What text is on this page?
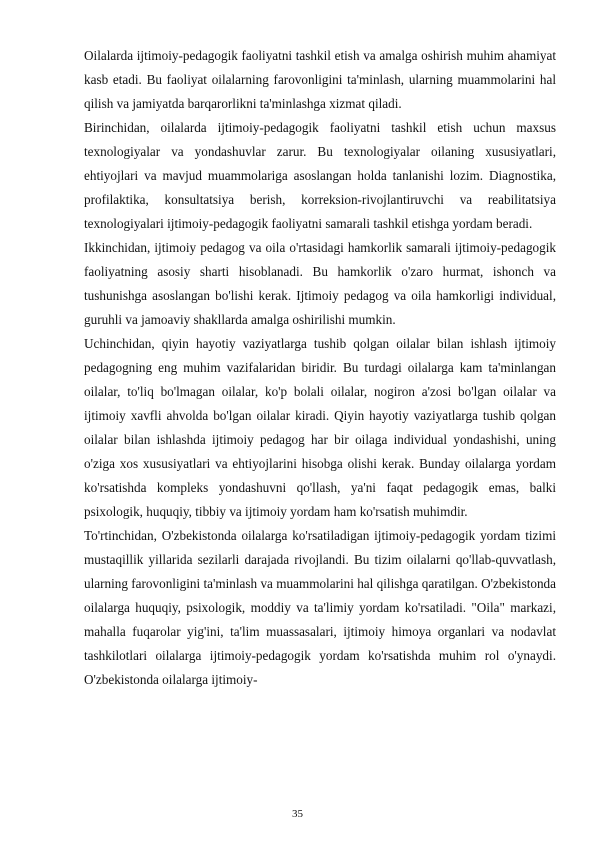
Oilalarda ijtimoiy-pedagogik faoliyatni tashkil etish va amalga oshirish muhim ahamiyat kasb etadi. Bu faoliyat oilalarning farovonligini ta'minlash, ularning muammolarini hal qilish va jamiyatda barqarorlikni ta'minlashga xizmat qiladi.

Birinchidan, oilalarda ijtimoiy-pedagogik faoliyatni tashkil etish uchun maxsus texnologiyalar va yondashuvlar zarur. Bu texnologiyalar oilaning xususiyatlari, ehtiyojlari va mavjud muammolariga asoslangan holda tanlanishi lozim. Diagnostika, profilaktika, konsultatsiya berish, korreksion-rivojlantiruvchi va reabilitatsiya texnologiyalari ijtimoiy-pedagogik faoliyatni samarali tashkil etishga yordam beradi.

Ikkinchidan, ijtimoiy pedagog va oila o'rtasidagi hamkorlik samarali ijtimoiy-pedagogik faoliyatning asosiy sharti hisoblanadi. Bu hamkorlik o'zaro hurmat, ishonch va tushunishga asoslangan bo'lishi kerak. Ijtimoiy pedagog va oila hamkorligi individual, guruhli va jamoaviy shakllarda amalga oshirilishi mumkin.

Uchinchidan, qiyin hayotiy vaziyatlarga tushib qolgan oilalar bilan ishlash ijtimoiy pedagogning eng muhim vazifalaridan biridir. Bu turdagi oilalarga kam ta'minlangan oilalar, to'liq bo'lmagan oilalar, ko'p bolali oilalar, nogiron a'zosi bo'lgan oilalar va ijtimoiy xavfli ahvolda bo'lgan oilalar kiradi. Qiyin hayotiy vaziyatlarga tushib qolgan oilalar bilan ishlashda ijtimoiy pedagog har bir oilaga individual yondashishi, uning o'ziga xos xususiyatlari va ehtiyojlarini hisobga olishi kerak. Bunday oilalarga yordam ko'rsatishda kompleks yondashuvni qo'llash, ya'ni faqat pedagogik emas, balki psixologik, huquqiy, tibbiy va ijtimoiy yordam ham ko'rsatish muhimdir.

To'rtinchidan, O'zbekistonda oilalarga ko'rsatiladigan ijtimoiy-pedagogik yordam tizimi mustaqillik yillarida sezilarli darajada rivojlandi. Bu tizim oilalarni qo'llab-quvvatlash, ularning farovonligini ta'minlash va muammolarini hal qilishga qaratilgan. O'zbekistonda oilalarga huquqiy, psixologik, moddiy va ta'limiy yordam ko'rsatiladi. "Oila" markazi, mahalla fuqarolar yig'ini, ta'lim muassasalari, ijtimoiy himoya organlari va nodavlat tashkilotlari oilalarga ijtimoiy-pedagogik yordam ko'rsatishda muhim rol o'ynaydi. O'zbekistonda oilalarga ijtimoiy-

35
